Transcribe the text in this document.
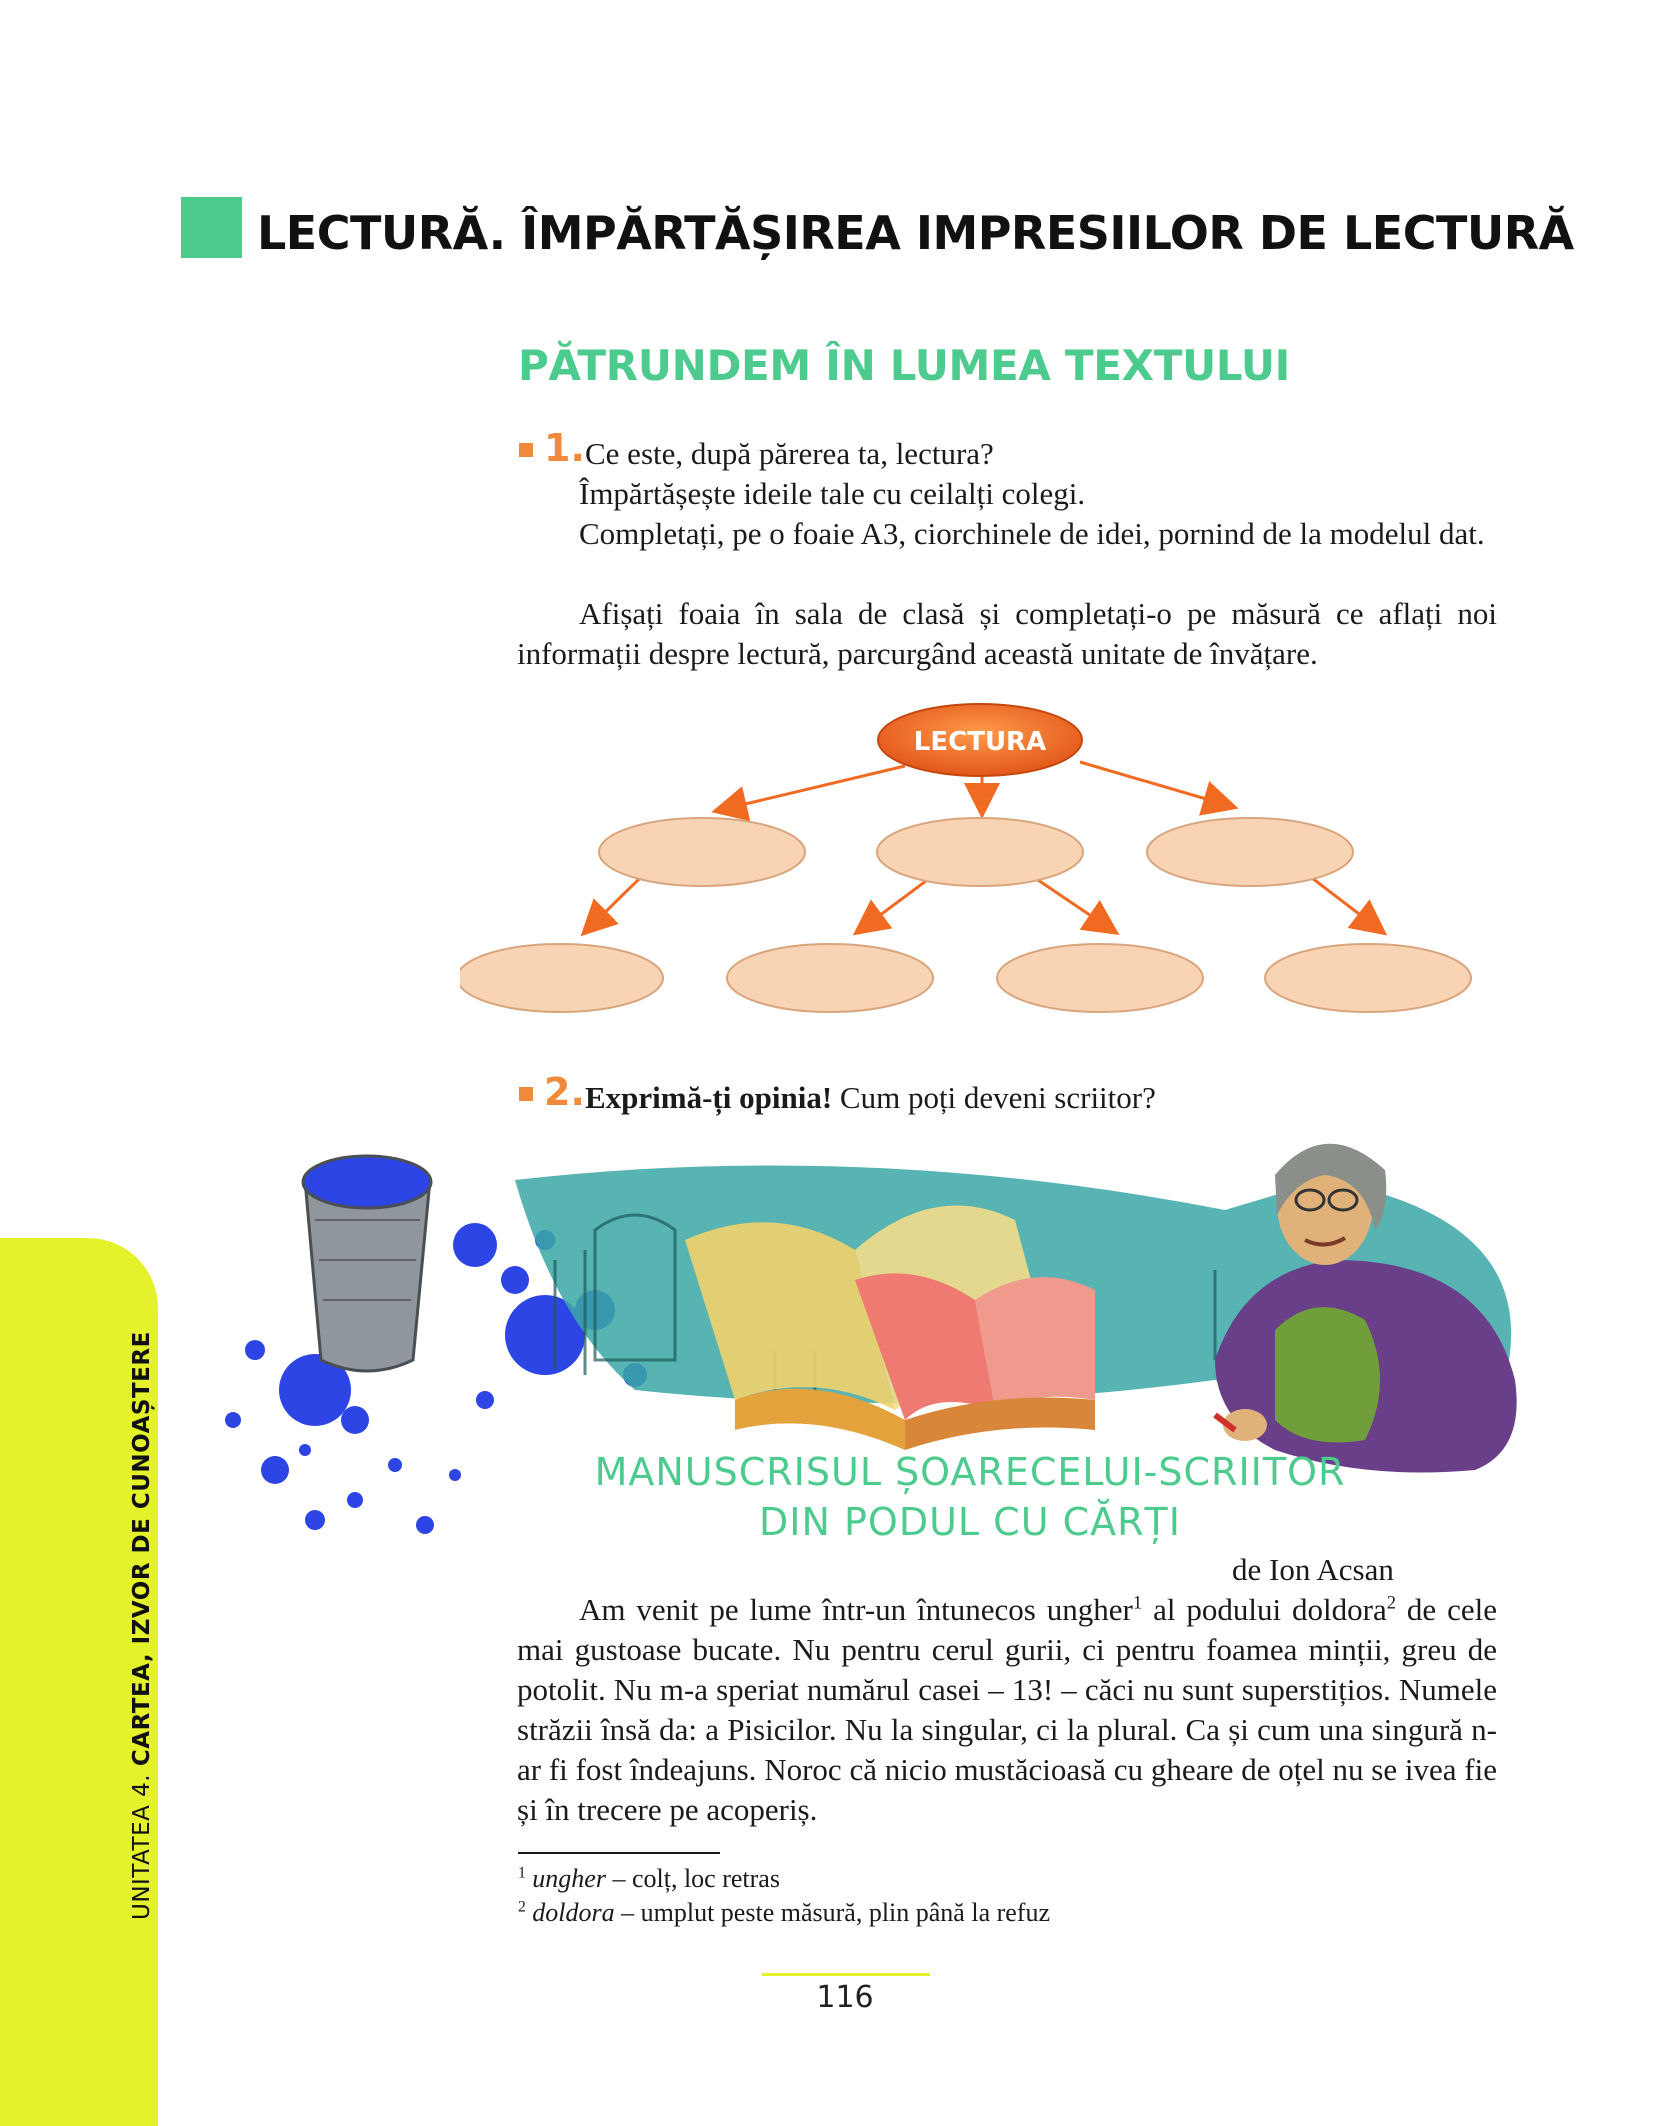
UNITATEA 4. CARTEA, IZVOR DE CUNOAȘTERE
LECTURĂ. ÎMPĂRTĂȘIREA IMPRESIILOR DE LECTURĂ
PĂTRUNDEM ÎN LUMEA TEXTULUI
1. Ce este, după părerea ta, lectura?
Împărtășește ideile tale cu ceilalți colegi.
Completați, pe o foaie A3, ciorchinele de idei, pornind de la modelul dat.
Afișați foaia în sala de clasă și completați-o pe măsură ce aflați noi informații despre lectură, parcurgând această unitate de învățare.
LECTURA
2. Exprimă-ți opinia! Cum poți deveni scriitor?
MANUSCRISUL ȘOARECELUI-SCRIITOR
DIN PODUL CU CĂRȚI
de Ion Acsan
Am venit pe lume într-un întunecos ungher$^1$ al podului doldora$^2$ de cele mai gustoase bucate. Nu pentru cerul gurii, ci pentru foamea minții, greu de potolit. Nu m-a speriat numărul casei – 13! – căci nu sunt superstițios. Numele străzii însă da: a Pisicilor. Nu la singular, ci la plural. Ca și cum una singură n-ar fi fost îndeajuns. Noroc că nicio mustăcioasă cu gheare de oțel nu se ivea fie și în trecere pe acoperiș.
$^1$ ungher – colț, loc retras
$^2$ doldora – umplut peste măsură, plin până la refuz
116
